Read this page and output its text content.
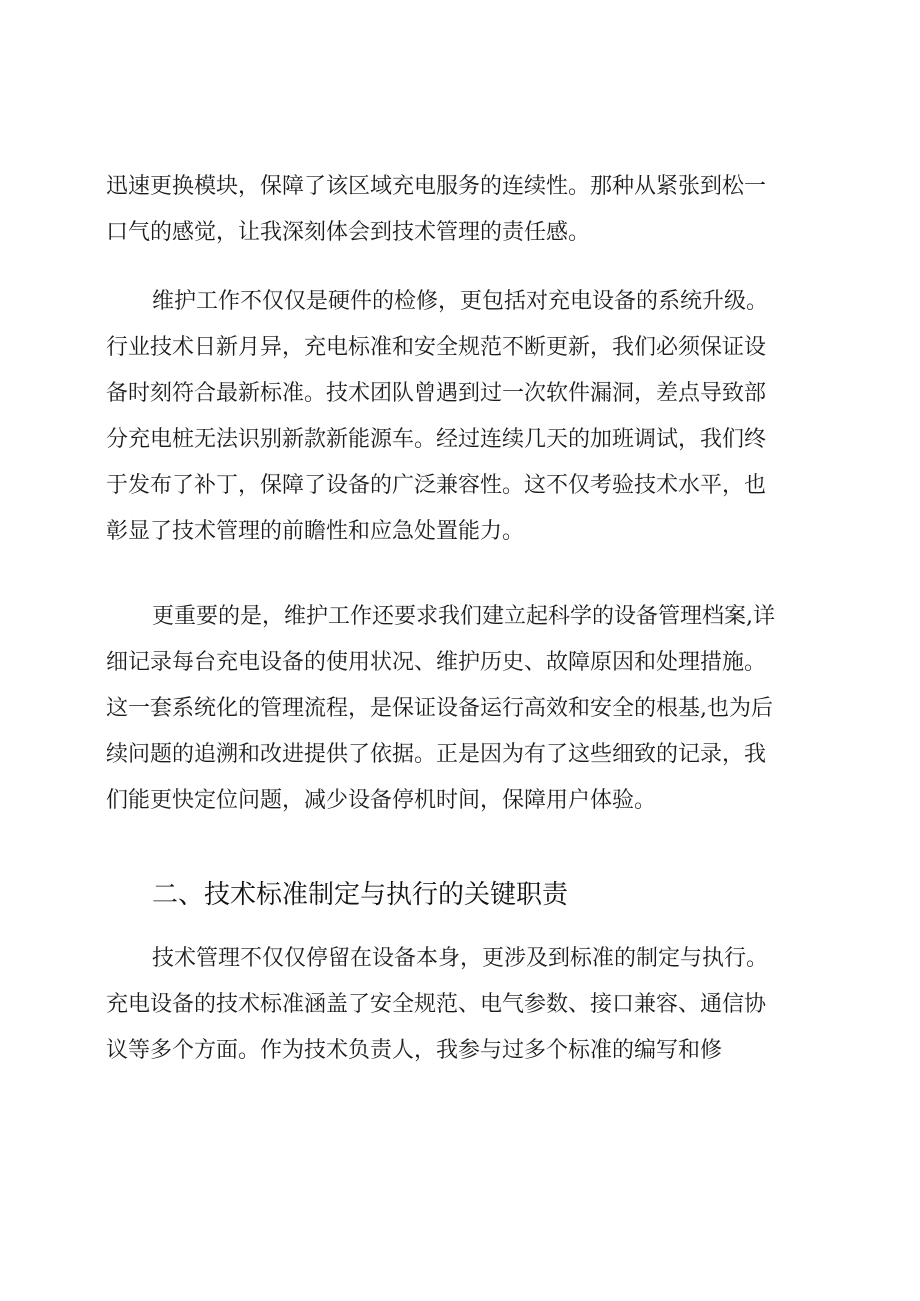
迅速更换模块，保障了该区域充电服务的连续性。那种从紧张到松一
口气的感觉，让我深刻体会到技术管理的责任感。
维护工作不仅仅是硬件的检修，更包括对充电设备的系统升级。
行业技术日新月异，充电标准和安全规范不断更新，我们必须保证设
备时刻符合最新标准。技术团队曾遇到过一次软件漏洞，差点导致部
分充电桩无法识别新款新能源车。经过连续几天的加班调试，我们终
于发布了补丁，保障了设备的广泛兼容性。这不仅考验技术水平，也
彰显了技术管理的前瞻性和应急处置能力。
更重要的是，维护工作还要求我们建立起科学的设备管理档案,详
细记录每台充电设备的使用状况、维护历史、故障原因和处理措施。
这一套系统化的管理流程，是保证设备运行高效和安全的根基,也为后
续问题的追溯和改进提供了依据。正是因为有了这些细致的记录，我
们能更快定位问题，减少设备停机时间，保障用户体验。
二、技术标准制定与执行的关键职责
技术管理不仅仅停留在设备本身，更涉及到标准的制定与执行。
充电设备的技术标准涵盖了安全规范、电气参数、接口兼容、通信协
议等多个方面。作为技术负责人，我参与过多个标准的编写和修
